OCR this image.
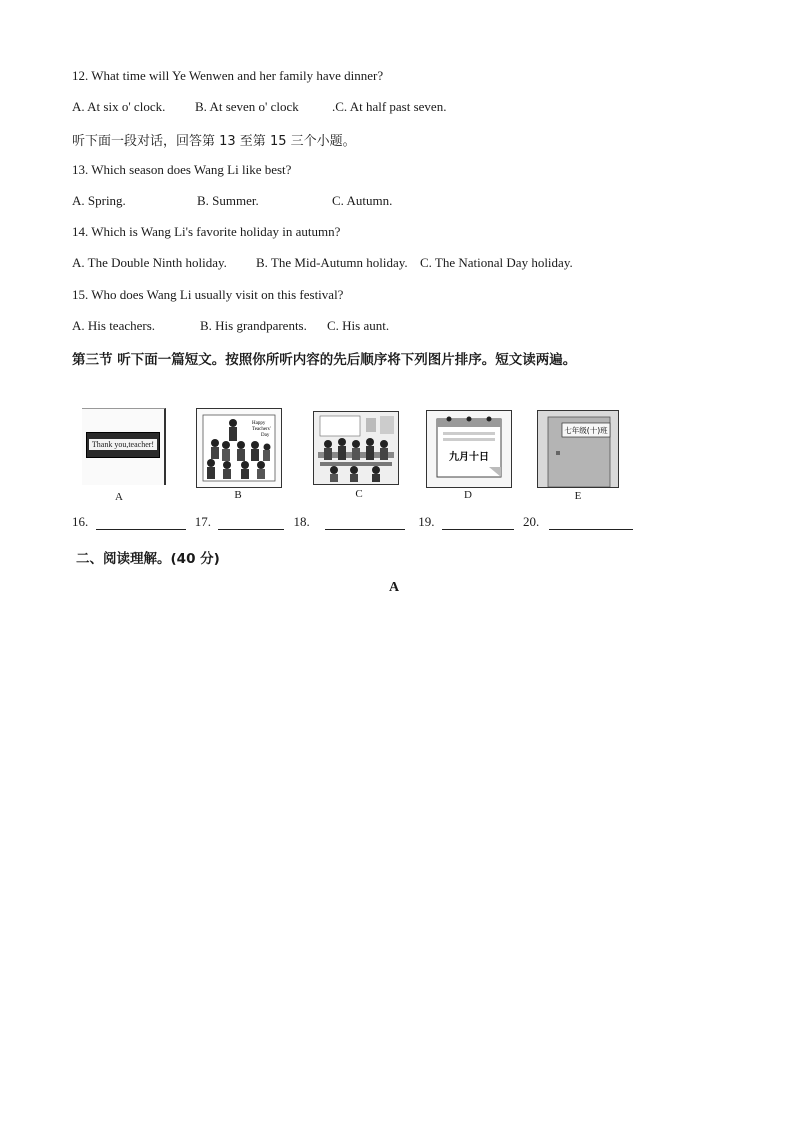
12. What time will Ye Wenwen and her family have dinner?
A. At six o' clock. B. At seven o' clock	.C. At half past seven.
听下面一段对话，回答第 13 至第 15 三个小题。
13. Which season does Wang Li like best?
A. Spring.	B. Summer.	C. Autumn.
14. Which is Wang Li's favorite holiday in autumn?
A. The Double Ninth holiday. B. The Mid-Autumn holiday. C. The National Day holiday.
15. Who does Wang Li usually visit on this festival?
A. His teachers.	B. His grandparents. C. His aunt.
第三节 听下面一篇短文。按照你所听内容的先后顺序将下列图片排序。短文读两遍。
Thank you,teacher!
A
Happy
Teachers'
Day
B	C
九月十日
D
七年级(十)班
E
16.	17.	18.	19.	20.
二、阅读理解。(40 分)
A
